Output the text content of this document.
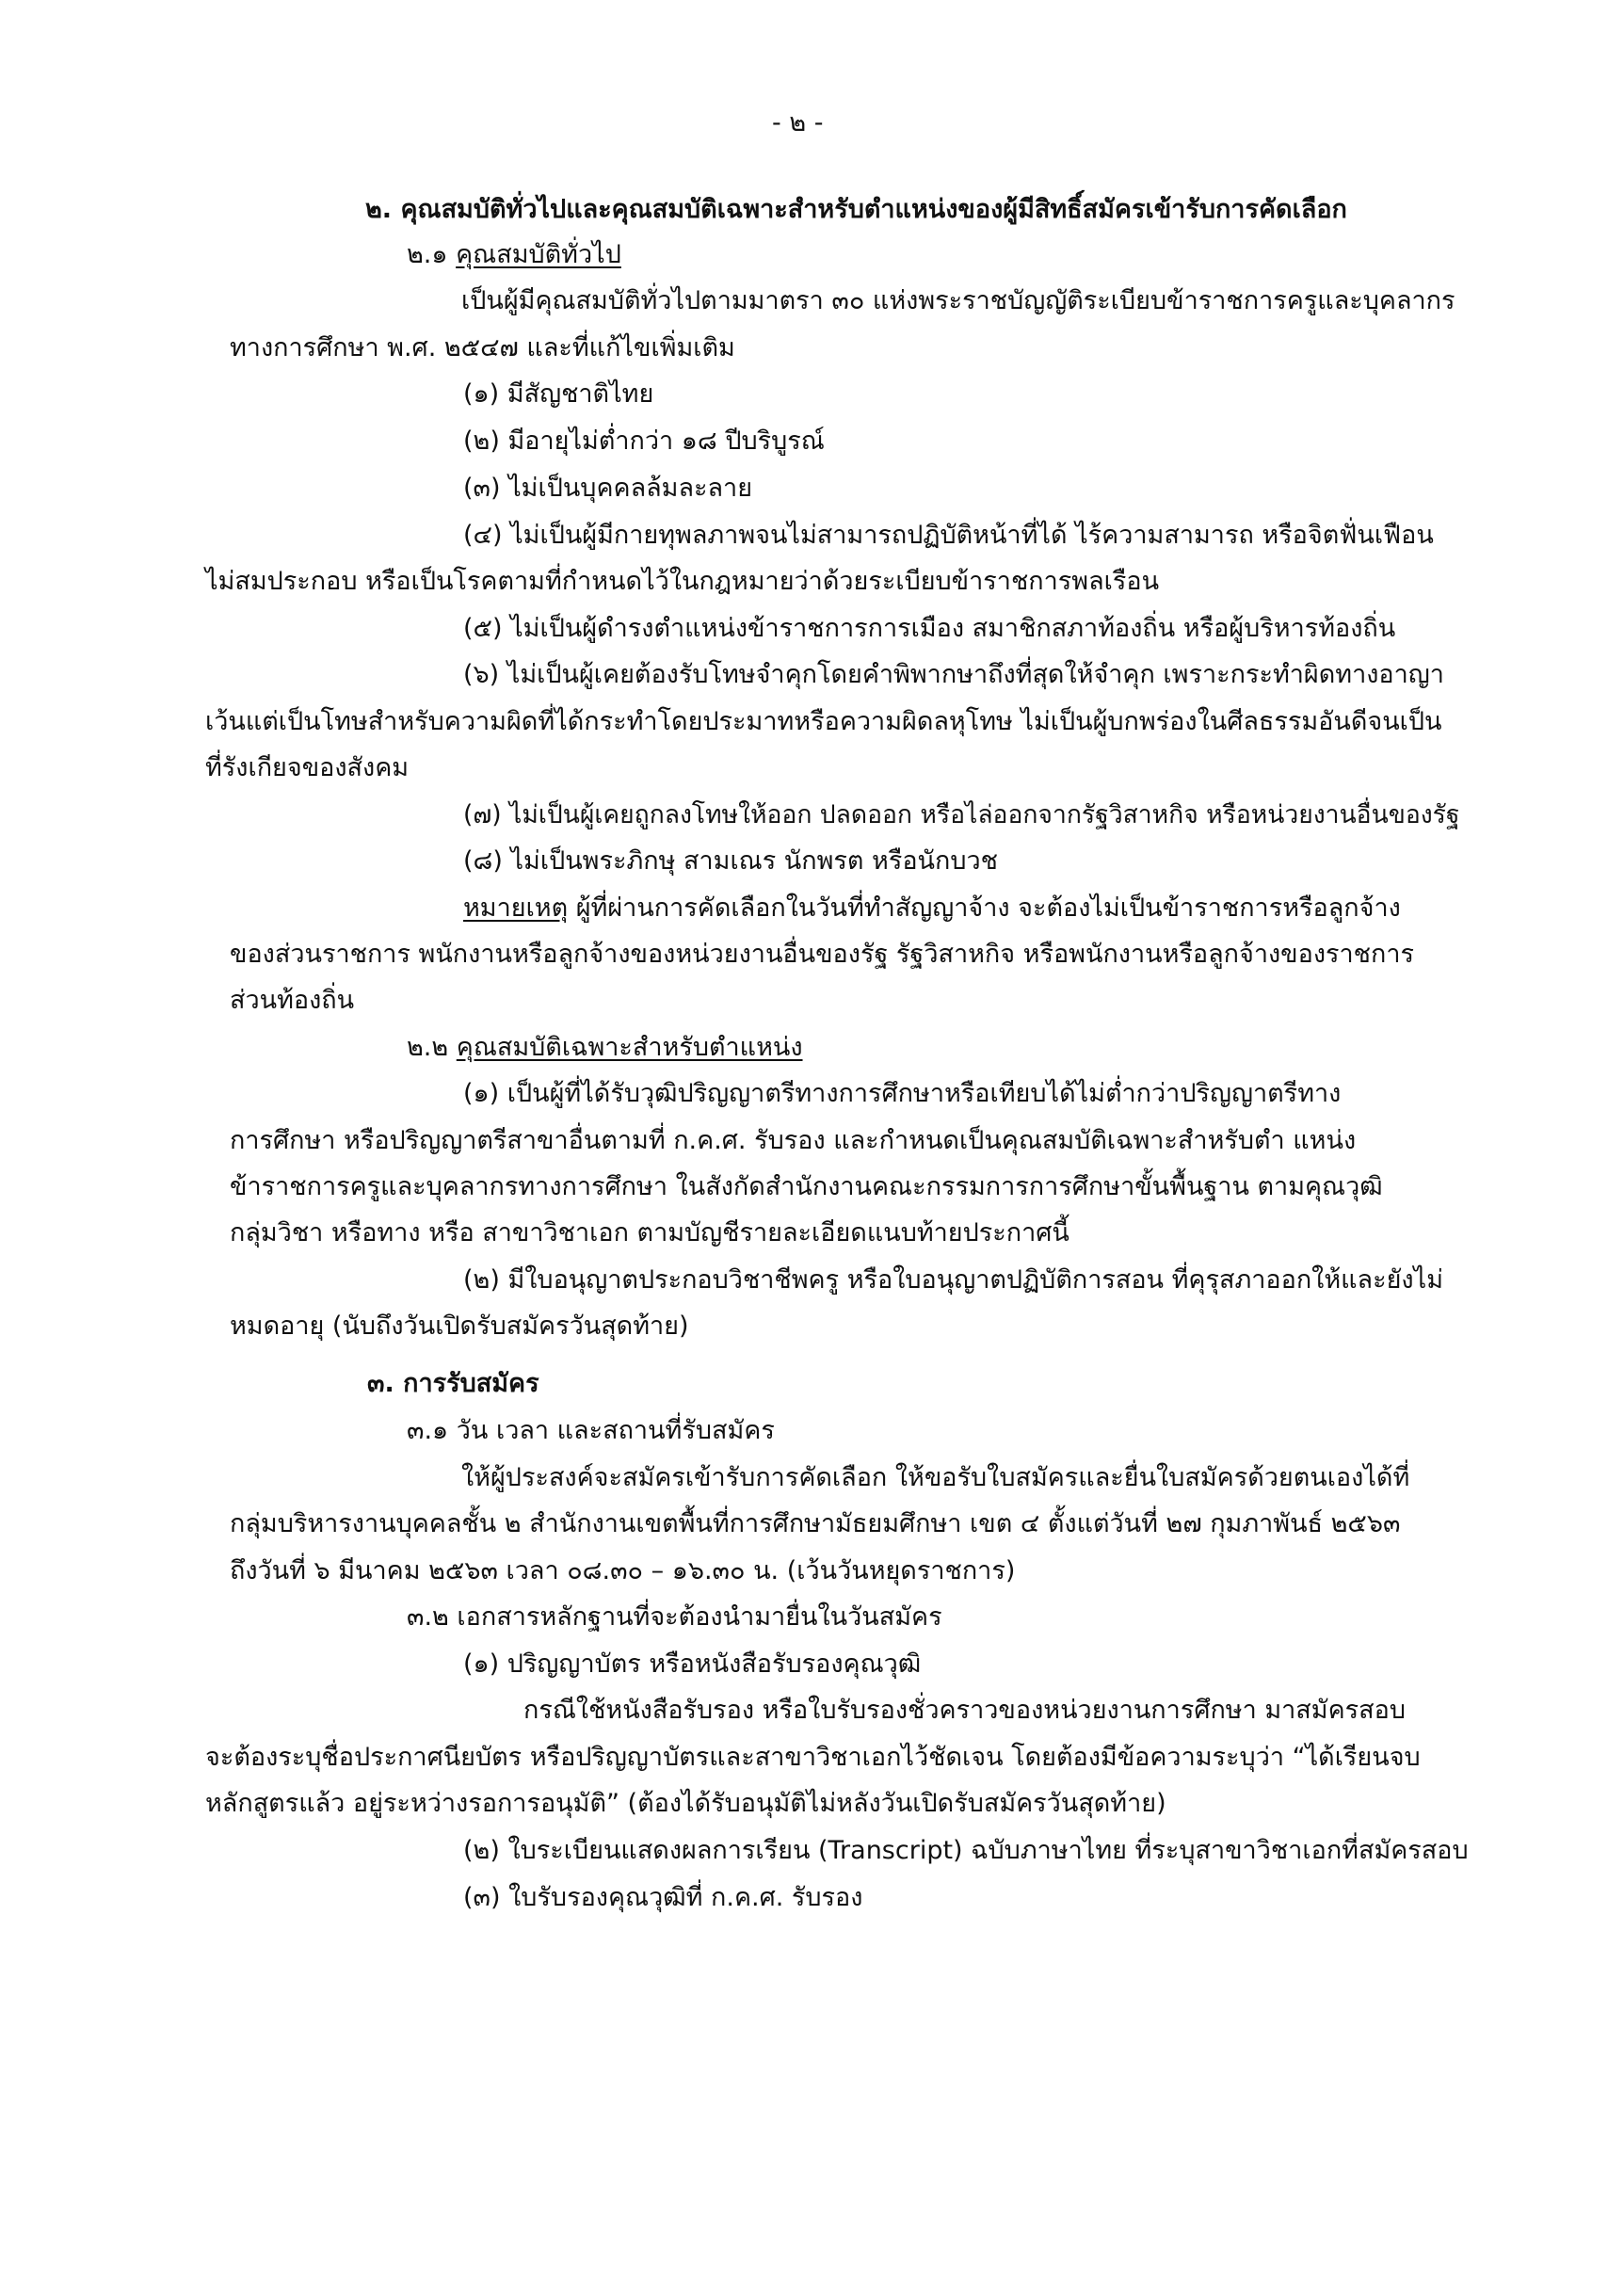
- ๒ -
๒. คุณสมบัติทั่วไปและคุณสมบัติเฉพาะสำหรับตำแหน่งของผู้มีสิทธิ์สมัครเข้ารับการคัดเลือก
๒.๑ คุณสมบัติทั่วไป
เป็นผู้มีคุณสมบัติทั่วไปตามมาตรา ๓๐ แห่งพระราชบัญญัติระเบียบข้าราชการครูและบุคลากร
ทางการศึกษา พ.ศ. ๒๕๔๗ และที่แก้ไขเพิ่มเติม
(๑) มีสัญชาติไทย
(๒) มีอายุไม่ต่ำกว่า ๑๘ ปีบริบูรณ์
(๓) ไม่เป็นบุคคลล้มละลาย
(๔) ไม่เป็นผู้มีกายทุพลภาพจนไม่สามารถปฏิบัติหน้าที่ได้ ไร้ความสามารถ หรือจิตฟั่นเฟือน
ไม่สมประกอบ หรือเป็นโรคตามที่กำหนดไว้ในกฎหมายว่าด้วยระเบียบข้าราชการพลเรือน
(๕) ไม่เป็นผู้ดำรงตำแหน่งข้าราชการการเมือง สมาชิกสภาท้องถิ่น หรือผู้บริหารท้องถิ่น
(๖) ไม่เป็นผู้เคยต้องรับโทษจำคุกโดยคำพิพากษาถึงที่สุดให้จำคุก เพราะกระทำผิดทางอาญา
เว้นแต่เป็นโทษสำหรับความผิดที่ได้กระทำโดยประมาทหรือความผิดลหุโทษ ไม่เป็นผู้บกพร่องในศีลธรรมอันดีจนเป็น
ที่รังเกียจของสังคม
(๗) ไม่เป็นผู้เคยถูกลงโทษให้ออก ปลดออก หรือไล่ออกจากรัฐวิสาหกิจ หรือหน่วยงานอื่นของรัฐ
(๘) ไม่เป็นพระภิกษุ สามเณร นักพรต หรือนักบวช
หมายเหตุ ผู้ที่ผ่านการคัดเลือกในวันที่ทำสัญญาจ้าง จะต้องไม่เป็นข้าราชการหรือลูกจ้าง
ของส่วนราชการ พนักงานหรือลูกจ้างของหน่วยงานอื่นของรัฐ รัฐวิสาหกิจ หรือพนักงานหรือลูกจ้างของราชการ
ส่วนท้องถิ่น
๒.๒ คุณสมบัติเฉพาะสำหรับตำแหน่ง
(๑) เป็นผู้ที่ได้รับวุฒิปริญญาตรีทางการศึกษาหรือเทียบได้ไม่ต่ำกว่าปริญญาตรีทาง
การศึกษา หรือปริญญาตรีสาขาอื่นตามที่ ก.ค.ศ. รับรอง และกำหนดเป็นคุณสมบัติเฉพาะสำหรับตำ แหน่ง
ข้าราชการครูและบุคลากรทางการศึกษา ในสังกัดสำนักงานคณะกรรมการการศึกษาขั้นพื้นฐาน ตามคุณวุฒิ
กลุ่มวิชา หรือทาง หรือ สาขาวิชาเอก ตามบัญชีรายละเอียดแนบท้ายประกาศนี้
(๒) มีใบอนุญาตประกอบวิชาชีพครู หรือใบอนุญาตปฏิบัติการสอน ที่คุรุสภาออกให้และยังไม่
หมดอายุ (นับถึงวันเปิดรับสมัครวันสุดท้าย)
๓. การรับสมัคร
๓.๑ วัน เวลา และสถานที่รับสมัคร
ให้ผู้ประสงค์จะสมัครเข้ารับการคัดเลือก ให้ขอรับใบสมัครและยื่นใบสมัครด้วยตนเองได้ที่
กลุ่มบริหารงานบุคคลชั้น ๒ สำนักงานเขตพื้นที่การศึกษามัธยมศึกษา เขต ๔ ตั้งแต่วันที่ ๒๗ กุมภาพันธ์ ๒๕๖๓
ถึงวันที่ ๖ มีนาคม ๒๕๖๓ เวลา ๐๘.๓๐ – ๑๖.๓๐ น. (เว้นวันหยุดราชการ)
๓.๒ เอกสารหลักฐานที่จะต้องนำมายื่นในวันสมัคร
(๑) ปริญญาบัตร หรือหนังสือรับรองคุณวุฒิ
กรณีใช้หนังสือรับรอง หรือใบรับรองชั่วคราวของหน่วยงานการศึกษา มาสมัครสอบ
จะต้องระบุชื่อประกาศนียบัตร หรือปริญญาบัตรและสาขาวิชาเอกไว้ชัดเจน โดยต้องมีข้อความระบุว่า “ได้เรียนจบ
หลักสูตรแล้ว อยู่ระหว่างรอการอนุมัติ” (ต้องได้รับอนุมัติไม่หลังวันเปิดรับสมัครวันสุดท้าย)
(๒) ใบระเบียนแสดงผลการเรียน (Transcript) ฉบับภาษาไทย ที่ระบุสาขาวิชาเอกที่สมัครสอบ
(๓) ใบรับรองคุณวุฒิที่ ก.ค.ศ. รับรอง
